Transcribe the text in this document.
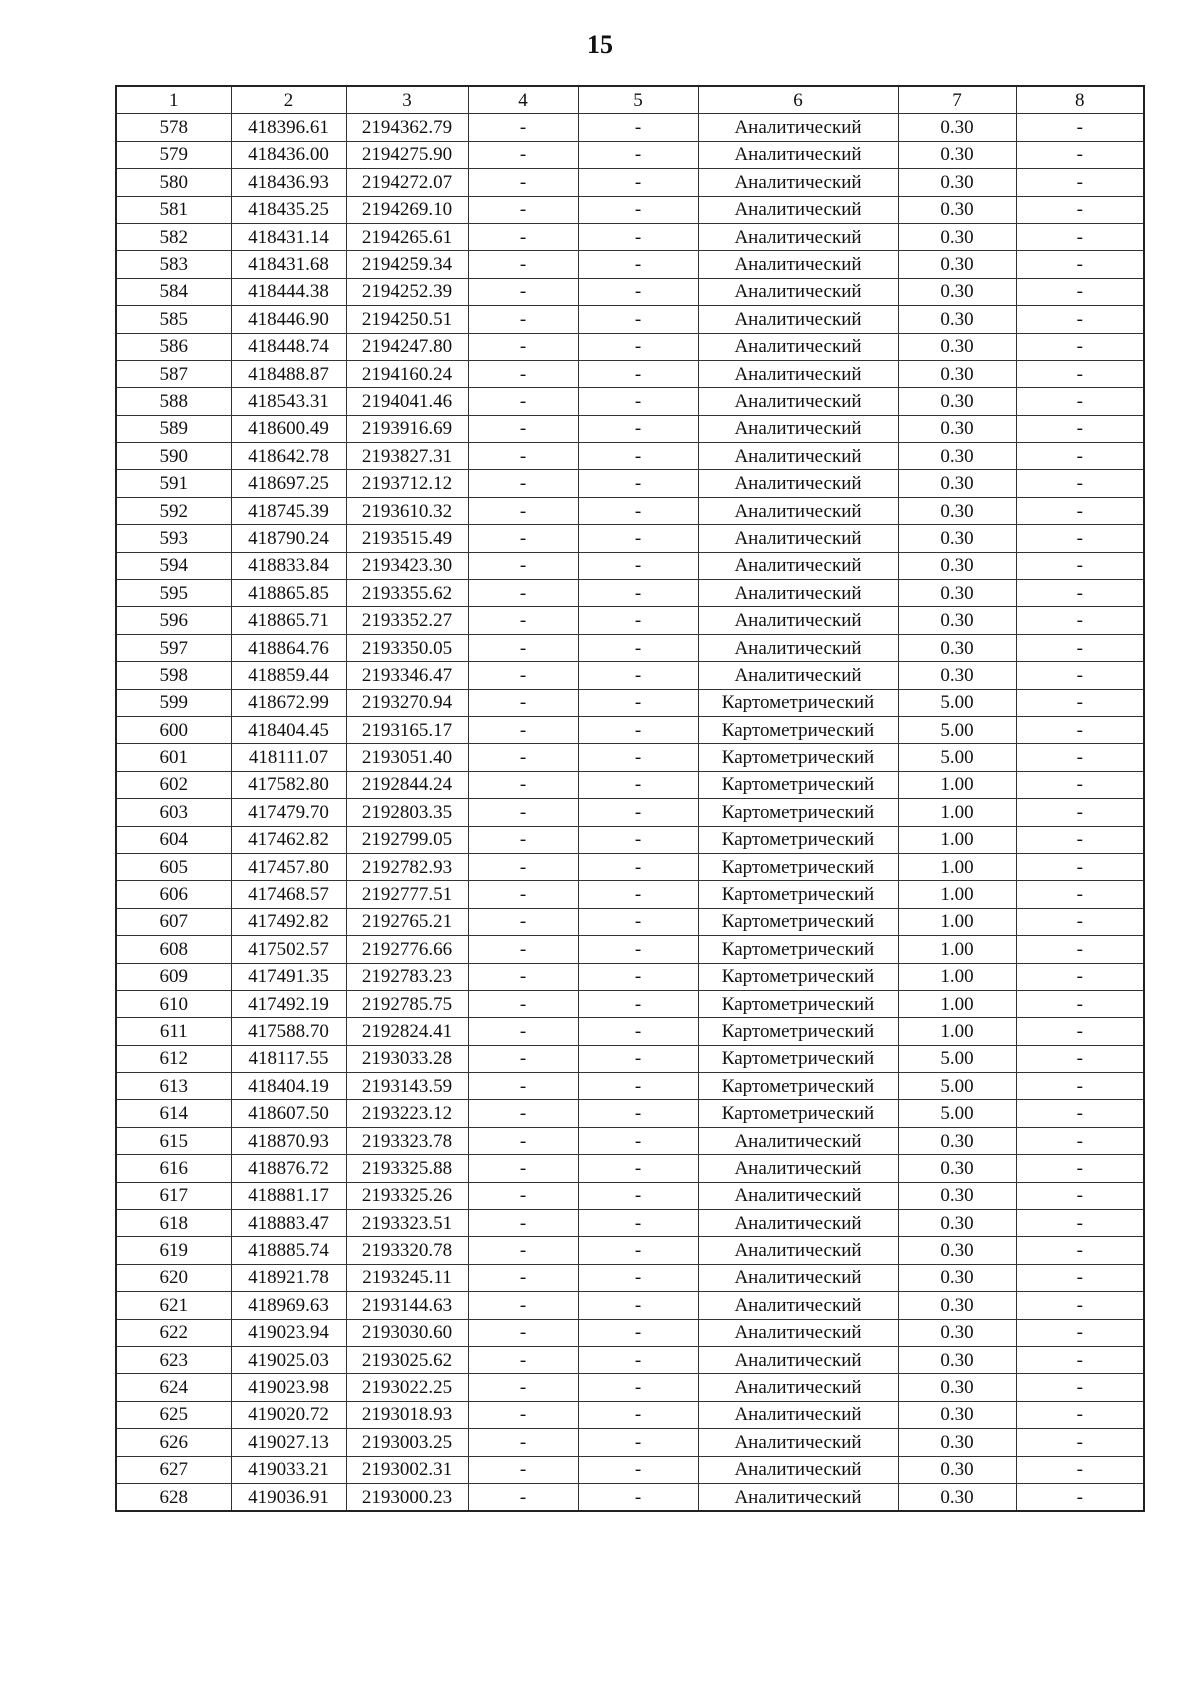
15
1	2	3	4	5	6	7	8
578	418396.61	2194362.79	-	-	Аналитический	0.30	-
579	418436.00	2194275.90	-	-	Аналитический	0.30	-
580	418436.93	2194272.07	-	-	Аналитический	0.30	-
581	418435.25	2194269.10	-	-	Аналитический	0.30	-
582	418431.14	2194265.61	-	-	Аналитический	0.30	-
583	418431.68	2194259.34	-	-	Аналитический	0.30	-
584	418444.38	2194252.39	-	-	Аналитический	0.30	-
585	418446.90	2194250.51	-	-	Аналитический	0.30	-
586	418448.74	2194247.80	-	-	Аналитический	0.30	-
587	418488.87	2194160.24	-	-	Аналитический	0.30	-
588	418543.31	2194041.46	-	-	Аналитический	0.30	-
589	418600.49	2193916.69	-	-	Аналитический	0.30	-
590	418642.78	2193827.31	-	-	Аналитический	0.30	-
591	418697.25	2193712.12	-	-	Аналитический	0.30	-
592	418745.39	2193610.32	-	-	Аналитический	0.30	-
593	418790.24	2193515.49	-	-	Аналитический	0.30	-
594	418833.84	2193423.30	-	-	Аналитический	0.30	-
595	418865.85	2193355.62	-	-	Аналитический	0.30	-
596	418865.71	2193352.27	-	-	Аналитический	0.30	-
597	418864.76	2193350.05	-	-	Аналитический	0.30	-
598	418859.44	2193346.47	-	-	Аналитический	0.30	-
599	418672.99	2193270.94	-	-	Картометрический	5.00	-
600	418404.45	2193165.17	-	-	Картометрический	5.00	-
601	418111.07	2193051.40	-	-	Картометрический	5.00	-
602	417582.80	2192844.24	-	-	Картометрический	1.00	-
603	417479.70	2192803.35	-	-	Картометрический	1.00	-
604	417462.82	2192799.05	-	-	Картометрический	1.00	-
605	417457.80	2192782.93	-	-	Картометрический	1.00	-
606	417468.57	2192777.51	-	-	Картометрический	1.00	-
607	417492.82	2192765.21	-	-	Картометрический	1.00	-
608	417502.57	2192776.66	-	-	Картометрический	1.00	-
609	417491.35	2192783.23	-	-	Картометрический	1.00	-
610	417492.19	2192785.75	-	-	Картометрический	1.00	-
611	417588.70	2192824.41	-	-	Картометрический	1.00	-
612	418117.55	2193033.28	-	-	Картометрический	5.00	-
613	418404.19	2193143.59	-	-	Картометрический	5.00	-
614	418607.50	2193223.12	-	-	Картометрический	5.00	-
615	418870.93	2193323.78	-	-	Аналитический	0.30	-
616	418876.72	2193325.88	-	-	Аналитический	0.30	-
617	418881.17	2193325.26	-	-	Аналитический	0.30	-
618	418883.47	2193323.51	-	-	Аналитический	0.30	-
619	418885.74	2193320.78	-	-	Аналитический	0.30	-
620	418921.78	2193245.11	-	-	Аналитический	0.30	-
621	418969.63	2193144.63	-	-	Аналитический	0.30	-
622	419023.94	2193030.60	-	-	Аналитический	0.30	-
623	419025.03	2193025.62	-	-	Аналитический	0.30	-
624	419023.98	2193022.25	-	-	Аналитический	0.30	-
625	419020.72	2193018.93	-	-	Аналитический	0.30	-
626	419027.13	2193003.25	-	-	Аналитический	0.30	-
627	419033.21	2193002.31	-	-	Аналитический	0.30	-
628	419036.91	2193000.23	-	-	Аналитический	0.30	-
